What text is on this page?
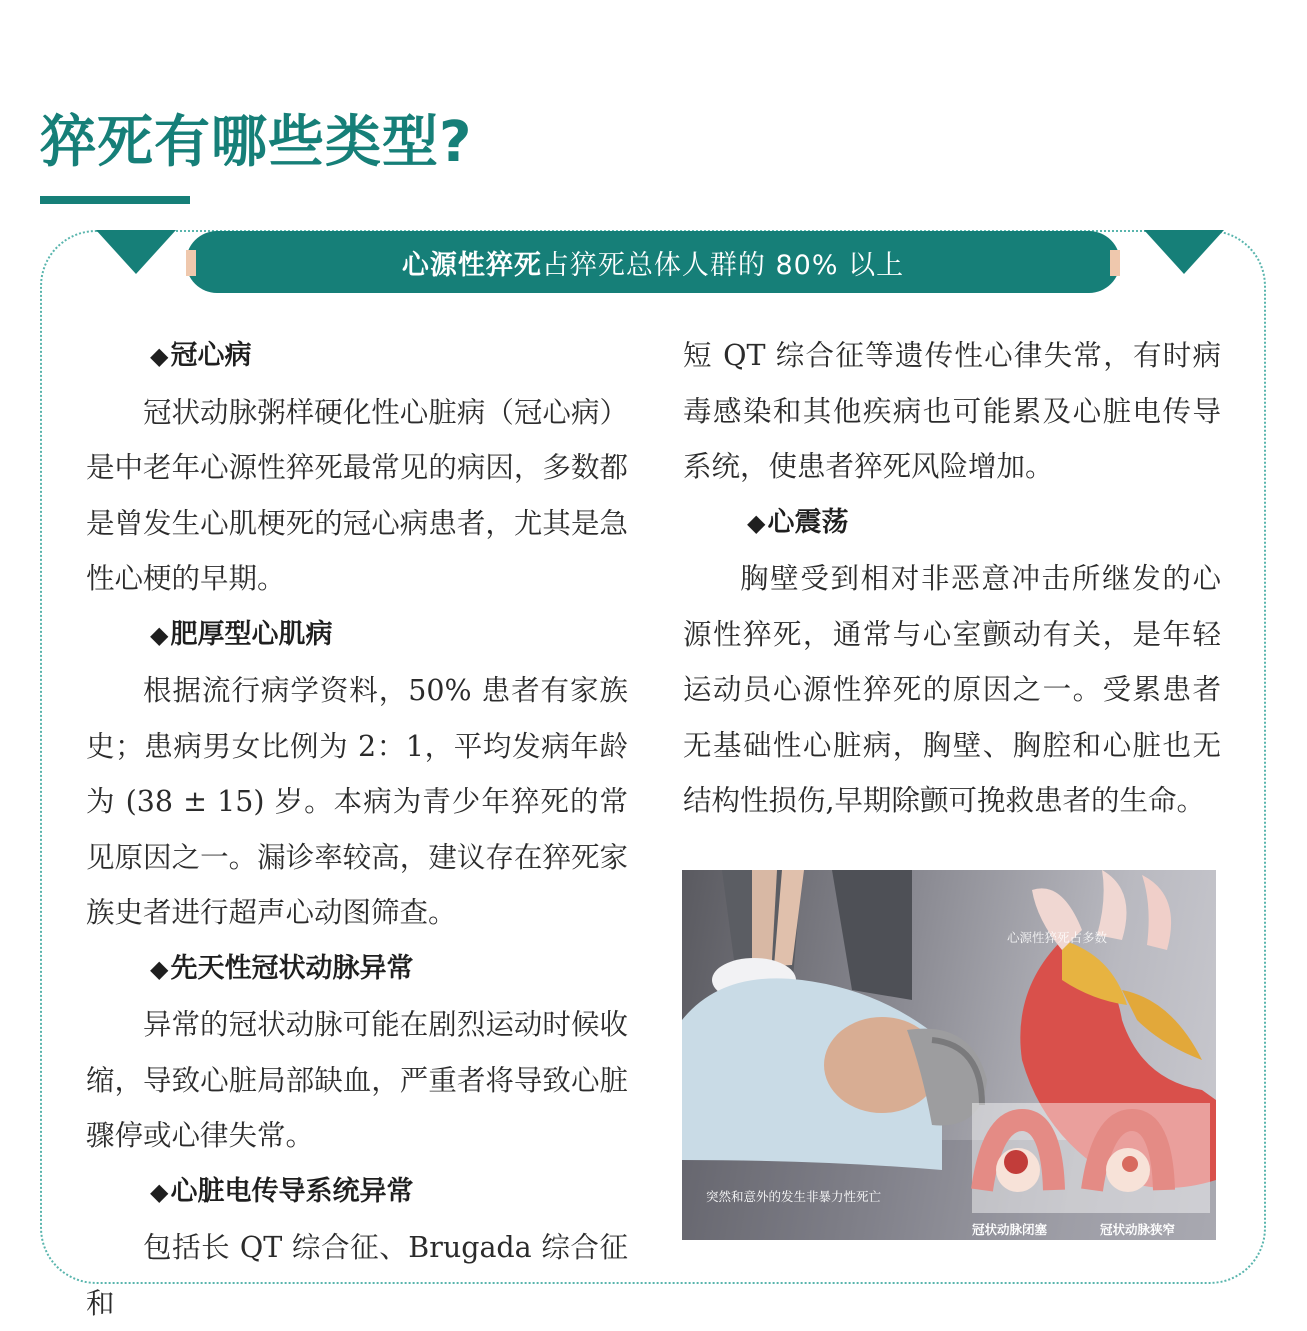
猝死有哪些类型?
心源性猝死 占猝死总体人群的 80% 以上
◆冠心病

冠状动脉粥样硬化性心脏病（冠心病）是中老年心源性猝死最常见的病因，多数都是曾发生心肌梗死的冠心病患者，尤其是急性心梗的早期。

◆肥厚型心肌病

根据流行病学资料，50% 患者有家族史；患病男女比例为 2：1，平均发病年龄为 (38 ± 15) 岁。本病为青少年猝死的常见原因之一。漏诊率较高，建议存在猝死家族史者进行超声心动图筛查。

◆先天性冠状动脉异常

异常的冠状动脉可能在剧烈运动时候收缩，导致心脏局部缺血，严重者将导致心脏骤停或心律失常。

◆心脏电传导系统异常

包括长 QT 综合征、Brugada 综合征和

短 QT 综合征等遗传性心律失常，有时病毒感染和其他疾病也可能累及心脏电传导系统，使患者猝死风险增加。

◆心震荡

胸壁受到相对非恶意冲击所继发的心源性猝死，通常与心室颤动有关，是年轻运动员心源性猝死的原因之一。受累患者无基础性心脏病，胸壁、胸腔和心脏也无结构性损伤,早期除颤可挽救患者的生命。

心源性猝死占多数
突然和意外的发生非暴力性死亡
冠状动脉闭塞	冠状动脉狭窄
